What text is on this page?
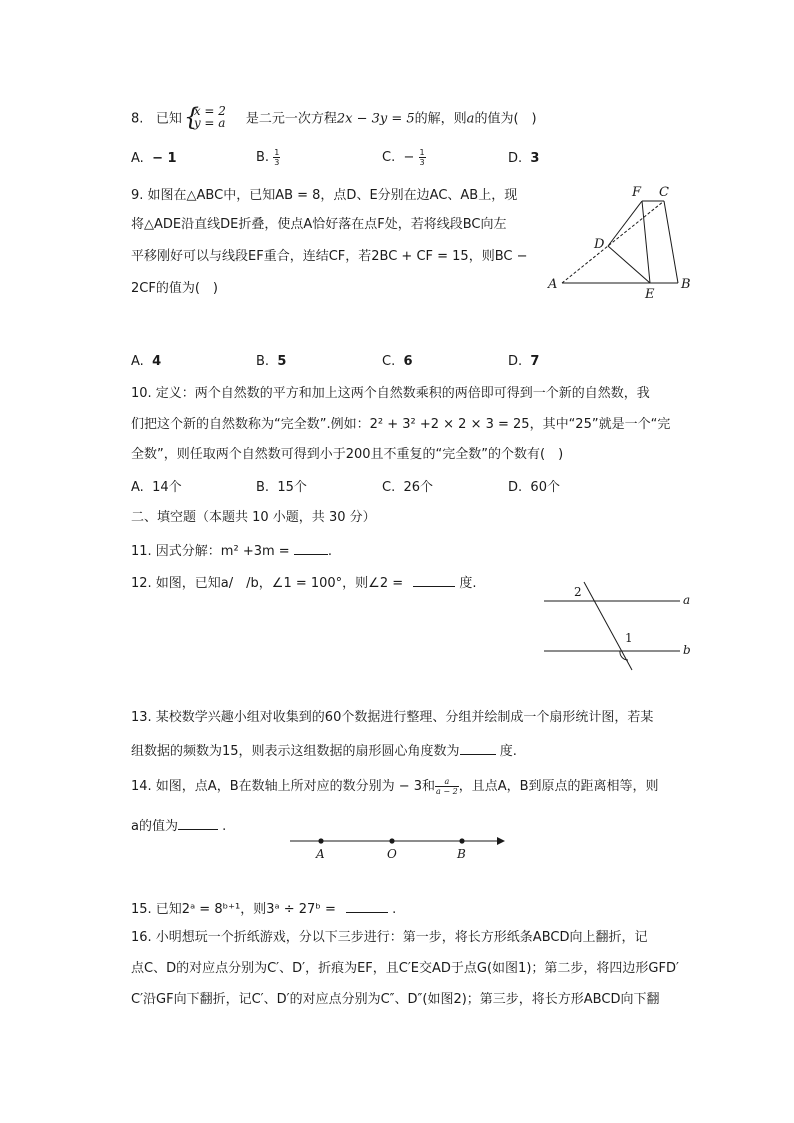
8. 已知 {
x = 2
y = a 是二元一次方程2x − 3y = 5的解，则a的值为(　)
A. − 1	B. $\frac{1}{3}$	C. − $\frac{1}{3}$	D. 3
9. 如图在△ABC中，已知AB = 8，点D、E分别在边AC、AB上，现
将△ADE沿直线DE折叠，使点A恰好落在点F处，若将线段BC向左
平移刚好可以与线段EF重合，连结CF，若2BC + CF = 15，则BC −
2CF的值为(　)
F C
D
A
E
B
A. 4	B. 5	C. 6	D. 7
10. 定义：两个自然数的平方和加上这两个自然数乘积的两倍即可得到一个新的自然数，我
们把这个新的自然数称为“完全数”.例如：2² + 3² +2 × 2 × 3 = 25，其中“25”就是一个“完
全数”，则任取两个自然数可得到小于200且不重复的“完全数”的个数有(　)
A. 14个	B. 15个	C. 26个	D. 60个
二、填空题（本题共 10 小题，共 30 分）
11. 因式分解：m² +3m =	.
12. 如图，已知a/　/b，∠1 = 100°，则∠2 =	度.
2
1
a
b
13. 某校数学兴趣小组对收集到的60个数据进行整理、分组并绘制成一个扇形统计图，若某
组数据的频数为15，则表示这组数据的扇形圆心角度数为	度.
14. 如图，点A，B在数轴上所对应的数分别为 − 3和 $\frac{a}{a - 2}$ ，且点A，B到原点的距离相等，则
a的值为	.
A	O	B
15. 已知2ᵃ = 8ᵇ⁺¹，则3ᵃ ÷ 27ᵇ =	.
16. 小明想玩一个折纸游戏，分以下三步进行：第一步，将长方形纸条ABCD向上翻折，记
点C、D的对应点分别为C′、D′，折痕为EF，且C′E交AD于点G(如图1)；第二步，将四边形GFD′
C′沿GF向下翻折，记C′、D′的对应点分别为C″、D″(如图2)；第三步，将长方形ABCD向下翻
